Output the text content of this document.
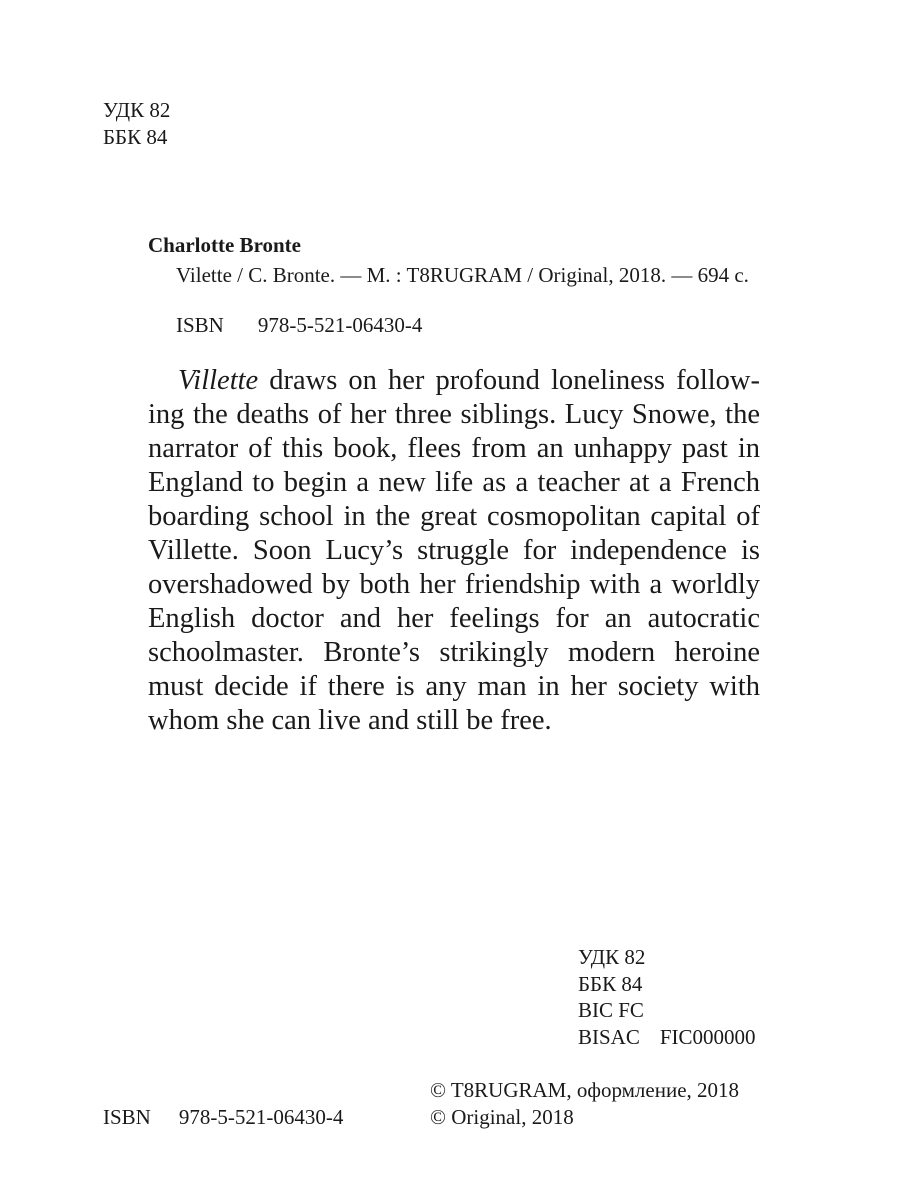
УДК 82
ББК 84
Charlotte Bronte
Vilette / C. Bronte. — M. : T8RUGRAM / Original, 2018. — 694 с.
ISBN 978-5-521-06430-4
Villette draws on her profound loneliness following the deaths of her three siblings. Lucy Snowe, the narrator of this book, flees from an unhappy past in England to begin a new life as a teacher at a French boarding school in the great cosmopolitan capital of Villette. Soon Lucy’s struggle for independence is overshadowed by both her friendship with a worldly English doctor and her feelings for an autocratic schoolmaster. Bronte’s strikingly modern heroine must decide if there is any man in her society with whom she can live and still be free.
УДК 82
ББК 84
BIC FC
BISAC FIC000000
© T8RUGRAM, оформление, 2018
© Original, 2018
ISBN 978-5-521-06430-4
